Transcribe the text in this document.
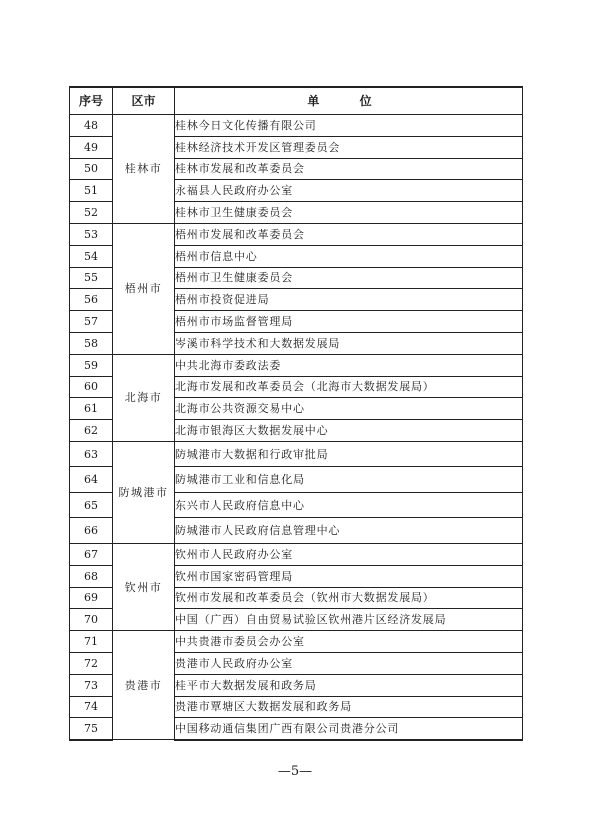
序号	区市	单 位
48	桂林市	桂林今日文化传播有限公司
49		桂林经济技术开发区管理委员会
50		桂林市发展和改革委员会
51		永福县人民政府办公室
52		桂林市卫生健康委员会
53	梧州市	梧州市发展和改革委员会
54		梧州市信息中心
55		梧州市卫生健康委员会
56		梧州市投资促进局
57		梧州市市场监督管理局
58		岑溪市科学技术和大数据发展局
59	北海市	中共北海市委政法委
60		北海市发展和改革委员会（北海市大数据发展局）
61		北海市公共资源交易中心
62		北海市银海区大数据发展中心
63	防城港市	防城港市大数据和行政审批局
64		防城港市工业和信息化局
65		东兴市人民政府信息中心
66		防城港市人民政府信息管理中心
67	钦州市	钦州市人民政府办公室
68		钦州市国家密码管理局
69		钦州市发展和改革委员会（钦州市大数据发展局）
70		中国（广西）自由贸易试验区钦州港片区经济发展局
71	贵港市	中共贵港市委员会办公室
72		贵港市人民政府办公室
73		桂平市大数据发展和政务局
74		贵港市覃塘区大数据发展和政务局
75		中国移动通信集团广西有限公司贵港分公司
—5—
